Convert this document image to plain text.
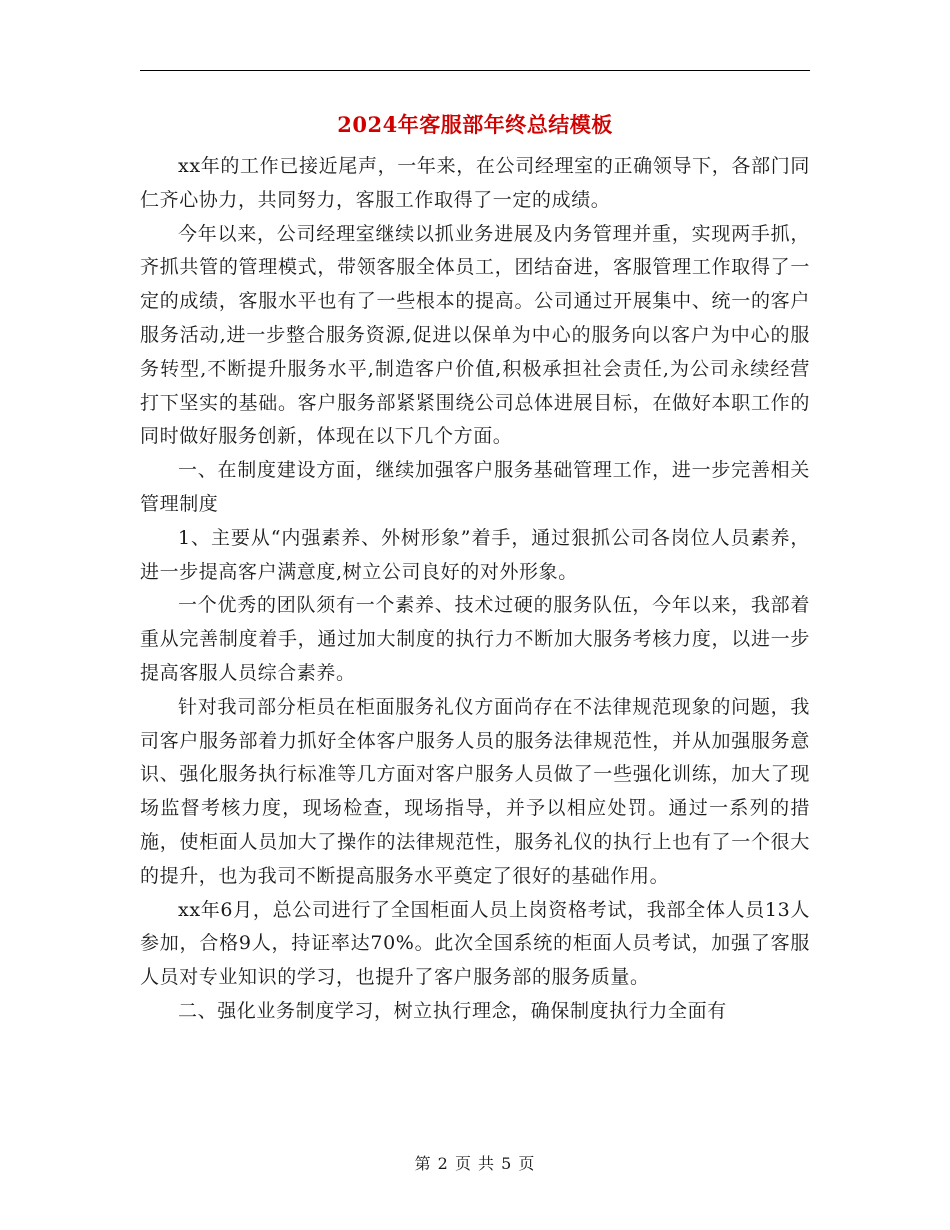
2024年客服部年终总结模板

xx年的工作已接近尾声，一年来，在公司经理室的正确领导下，各部门同仁齐心协力，共同努力，客服工作取得了一定的成绩。

今年以来，公司经理室继续以抓业务进展及内务管理并重，实现两手抓，齐抓共管的管理模式，带领客服全体员工，团结奋进，客服管理工作取得了一定的成绩，客服水平也有了一些根本的提高。公司通过开展集中、统一的客户服务活动,进一步整合服务资源,促进以保单为中心的服务向以客户为中心的服务转型,不断提升服务水平,制造客户价值,积极承担社会责任,为公司永续经营打下坚实的基础。客户服务部紧紧围绕公司总体进展目标，在做好本职工作的同时做好服务创新，体现在以下几个方面。

一、在制度建设方面，继续加强客户服务基础管理工作，进一步完善相关管理制度

1、主要从“内强素养、外树形象”着手，通过狠抓公司各岗位人员素养，进一步提高客户满意度,树立公司良好的对外形象。

一个优秀的团队须有一个素养、技术过硬的服务队伍，今年以来，我部着重从完善制度着手，通过加大制度的执行力不断加大服务考核力度，以进一步提高客服人员综合素养。

针对我司部分柜员在柜面服务礼仪方面尚存在不法律规范现象的问题，我司客户服务部着力抓好全体客户服务人员的服务法律规范性，并从加强服务意识、强化服务执行标准等几方面对客户服务人员做了一些强化训练，加大了现场监督考核力度，现场检查，现场指导，并予以相应处罚。通过一系列的措施，使柜面人员加大了操作的法律规范性，服务礼仪的执行上也有了一个很大的提升，也为我司不断提高服务水平奠定了很好的基础作用。

xx年6月，总公司进行了全国柜面人员上岗资格考试，我部全体人员13人参加，合格9人，持证率达70%。此次全国系统的柜面人员考试，加强了客服人员对专业知识的学习，也提升了客户服务部的服务质量。

二、强化业务制度学习，树立执行理念，确保制度执行力全面有

第 2 页 共 5 页
